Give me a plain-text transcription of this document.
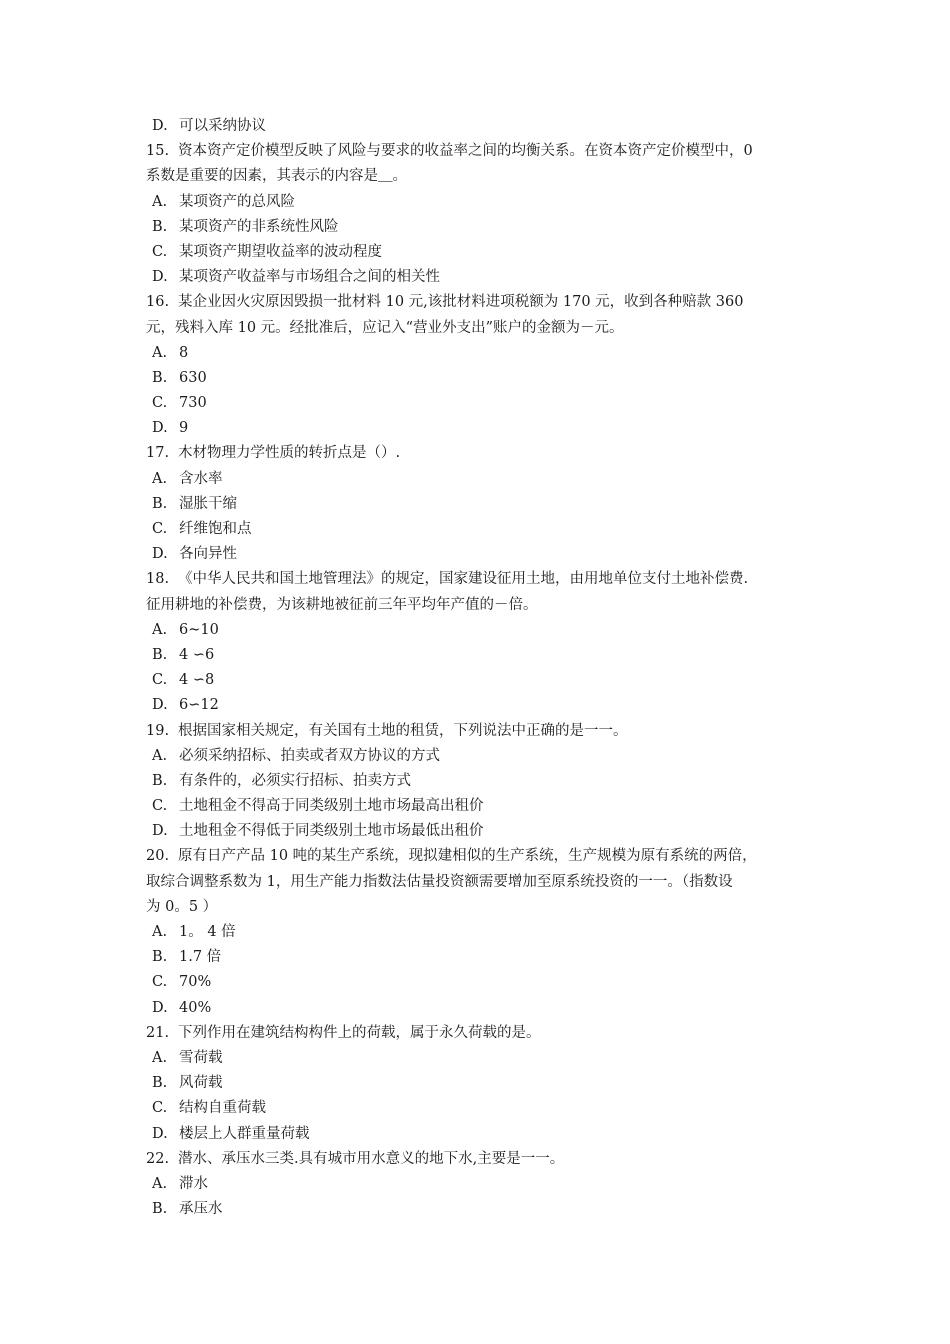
D. 可以采纳协议
15. 资本资产定价模型反映了风险与要求的收益率之间的均衡关系。在资本资产定价模型中，0
系数是重要的因素，其表示的内容是＿。
A. 某项资产的总风险
B. 某项资产的非系统性风险
C. 某项资产期望收益率的波动程度
D. 某项资产收益率与市场组合之间的相关性
16. 某企业因火灾原因毁损一批材料 10 元,该批材料进项税额为 170 元，收到各种赔款 360
元，残料入库 10 元。经批准后，应记入“营业外支出”账户的金额为－元。
A. 8
B. 630
C. 730
D. 9
17. 木材物理力学性质的转折点是（）.
A. 含水率
B. 湿胀干缩
C. 纤维饱和点
D. 各向异性
18. 《中华人民共和国土地管理法》的规定，国家建设征用土地，由用地单位支付土地补偿费.
征用耕地的补偿费，为该耕地被征前三年平均年产值的－倍。
A. 6~10
B. 4 ∽6
C. 4 ∽8
D. 6∽12
19. 根据国家相关规定，有关国有土地的租赁，下列说法中正确的是一一。
A. 必须采纳招标、拍卖或者双方协议的方式
B. 有条件的，必须实行招标、拍卖方式
C. 土地租金不得高于同类级别土地市场最高出租价
D. 土地租金不得低于同类级别土地市场最低出租价
20. 原有日产产品 10 吨的某生产系统，现拟建相似的生产系统，生产规模为原有系统的两倍，
取综合调整系数为 1，用生产能力指数法估量投资额需要增加至原系统投资的一一。（指数设
为 0。5 ）
A. 1。 4 倍
B. 1.7 倍
C. 70%
D. 40%
21. 下列作用在建筑结构构件上的荷载，属于永久荷载的是。
A. 雪荷载
B. 风荷载
C. 结构自重荷载
D. 楼层上人群重量荷载
22. 潜水、承压水三类.具有城市用水意义的地下水,主要是一一。
A. 滞水
B. 承压水
